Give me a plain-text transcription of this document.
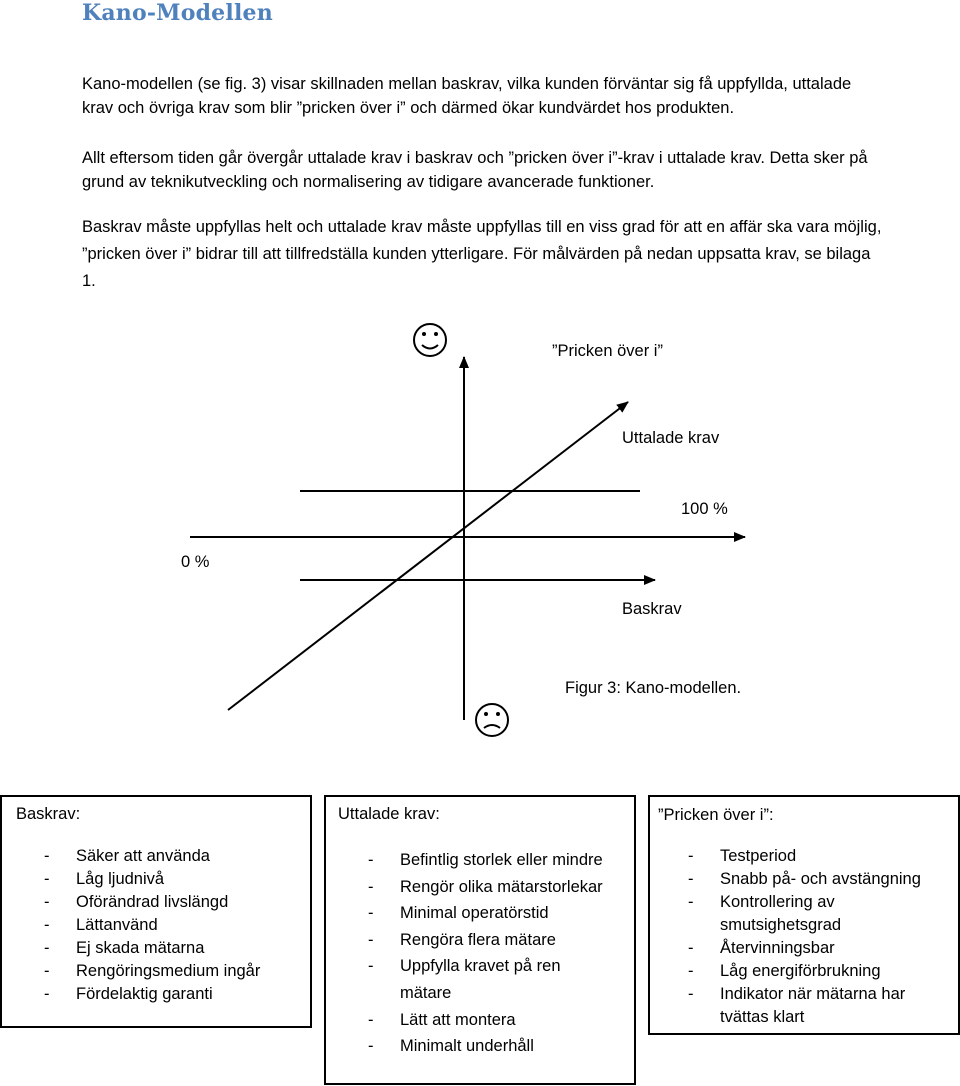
Kano-Modellen

Kano-modellen (se fig. 3) visar skillnaden mellan baskrav, vilka kunden förväntar sig få uppfyllda, uttalade krav och övriga krav som blir ”pricken över i” och därmed ökar kundvärdet hos produkten.

Allt eftersom tiden går övergår uttalade krav i baskrav och ”pricken över i”-krav i uttalade krav. Detta sker på grund av teknikutveckling och normalisering av tidigare avancerade funktioner.

Baskrav måste uppfyllas helt och uttalade krav måste uppfyllas till en viss grad för att en affär ska vara möjlig, ”pricken över i” bidrar till att tillfredställa kunden ytterligare. För målvärden på nedan uppsatta krav, se bilaga 1.

”Pricken över i”
Uttalade krav
100 %
0 %
Baskrav
Figur 3: Kano-modellen.
Baskrav:
- Säker att använda
- Låg ljudnivå
- Oförändrad livslängd
- Lättanvänd
- Ej skada mätarna
- Rengöringsmedium ingår
- Fördelaktig garanti
Uttalade krav:
- Befintlig storlek eller mindre
- Rengör olika mätarstorlekar
- Minimal operatörstid
- Rengöra flera mätare
- Uppfylla kravet på ren mätare
- Lätt att montera
- Minimalt underhåll
”Pricken över i”:
- Testperiod
- Snabb på- och avstängning
- Kontrollering av smutsighetsgrad
- Återvinningsbar
- Låg energiförbrukning
- Indikator när mätarna har tvättas klart
